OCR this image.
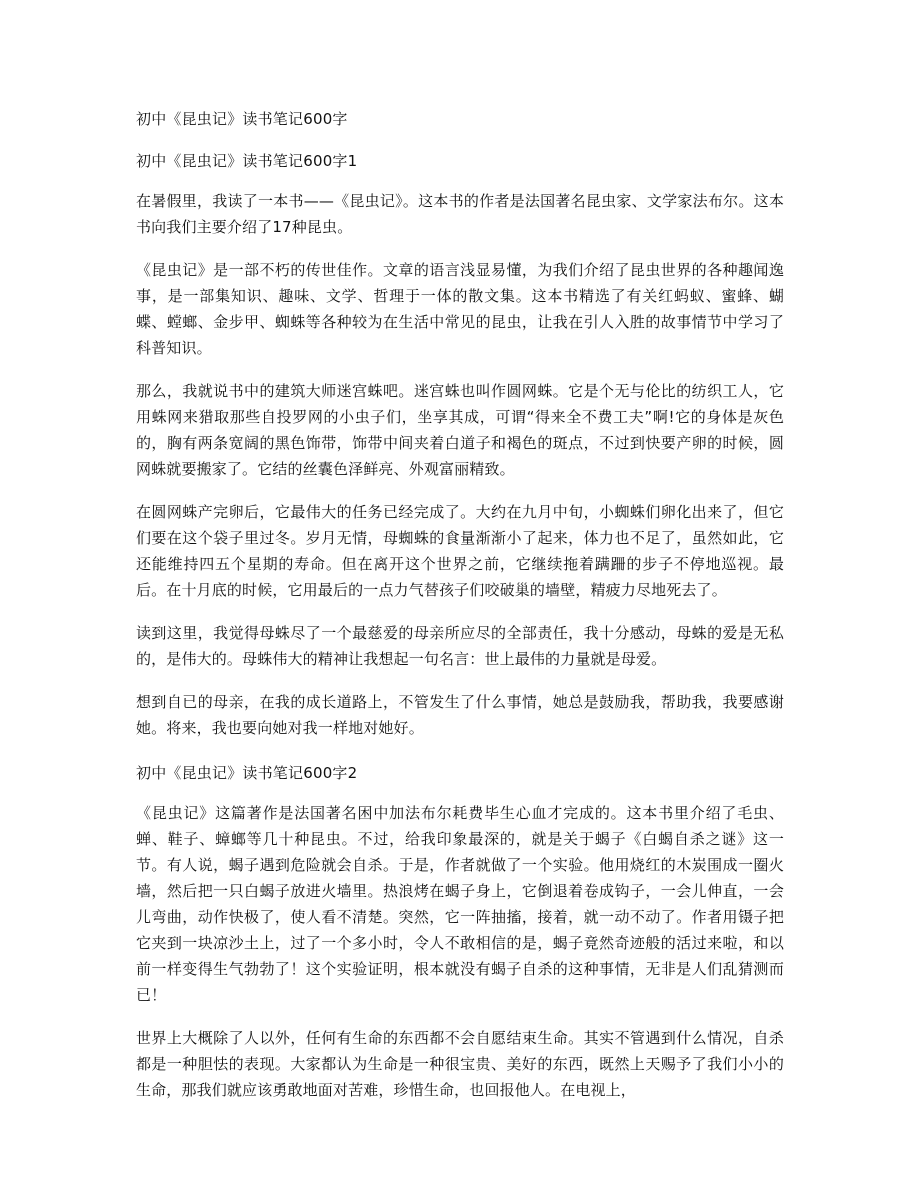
初中《昆虫记》读书笔记600字
初中《昆虫记》读书笔记600字1

在暑假里，我读了一本书——《昆虫记》。这本书的作者是法国著名昆虫家、文学家法布尔。这本书向我们主要介绍了17种昆虫。

《昆虫记》是一部不朽的传世佳作。文章的语言浅显易懂，为我们介绍了昆虫世界的各种趣闻逸事，是一部集知识、趣味、文学、哲理于一体的散文集。这本书精选了有关红蚂蚁、蜜蜂、蝴蝶、螳螂、金步甲、蜘蛛等各种较为在生活中常见的昆虫，让我在引人入胜的故事情节中学习了科普知识。

那么，我就说书中的建筑大师迷宫蛛吧。迷宫蛛也叫作圆网蛛。它是个无与伦比的纺织工人，它用蛛网来猎取那些自投罗网的小虫子们，坐享其成，可谓“得来全不费工夫”啊!它的身体是灰色的，胸有两条宽阔的黑色饰带，饰带中间夹着白道子和褐色的斑点，不过到快要产卵的时候，圆网蛛就要搬家了。它结的丝囊色泽鲜亮、外观富丽精致。

在圆网蛛产完卵后，它最伟大的任务已经完成了。大约在九月中旬，小蜘蛛们卵化出来了，但它们要在这个袋子里过冬。岁月无情，母蜘蛛的食量渐渐小了起来，体力也不足了，虽然如此，它还能维持四五个星期的寿命。但在离开这个世界之前，它继续拖着蹒跚的步子不停地巡视。最后。在十月底的时候，它用最后的一点力气替孩子们咬破巢的墙壁，精疲力尽地死去了。

读到这里，我觉得母蛛尽了一个最慈爱的母亲所应尽的全部责任，我十分感动，母蛛的爱是无私的，是伟大的。母蛛伟大的精神让我想起一句名言：世上最伟的力量就是母爱。

想到自已的母亲，在我的成长道路上，不管发生了什么事情，她总是鼓励我，帮助我，我要感谢她。将来，我也要向她对我一样地对她好。

初中《昆虫记》读书笔记600字2

《昆虫记》这篇著作是法国著名困中加法布尔耗费毕生心血才完成的。这本书里介绍了毛虫、蝉、鞋子、蟑螂等几十种昆虫。不过，给我印象最深的，就是关于蝎子《白蝎自杀之谜》这一节。有人说，蝎子遇到危险就会自杀。于是，作者就做了一个实验。他用烧红的木炭围成一圈火墙，然后把一只白蝎子放进火墙里。热浪烤在蝎子身上，它倒退着卷成钩子，一会儿伸直，一会儿弯曲，动作快极了，使人看不清楚。突然，它一阵抽搐，接着，就一动不动了。作者用镊子把它夹到一块凉沙土上，过了一个多小时，令人不敢相信的是，蝎子竟然奇迹般的活过来啦，和以前一样变得生气勃勃了！这个实验证明，根本就没有蝎子自杀的这种事情，无非是人们乱猜测而已！

世界上大概除了人以外，任何有生命的东西都不会自愿结束生命。其实不管遇到什么情况，自杀都是一种胆怯的表现。大家都认为生命是一种很宝贵、美好的东西，既然上天赐予了我们小小的生命，那我们就应该勇敢地面对苦难，珍惜生命，也回报他人。在电视上，
